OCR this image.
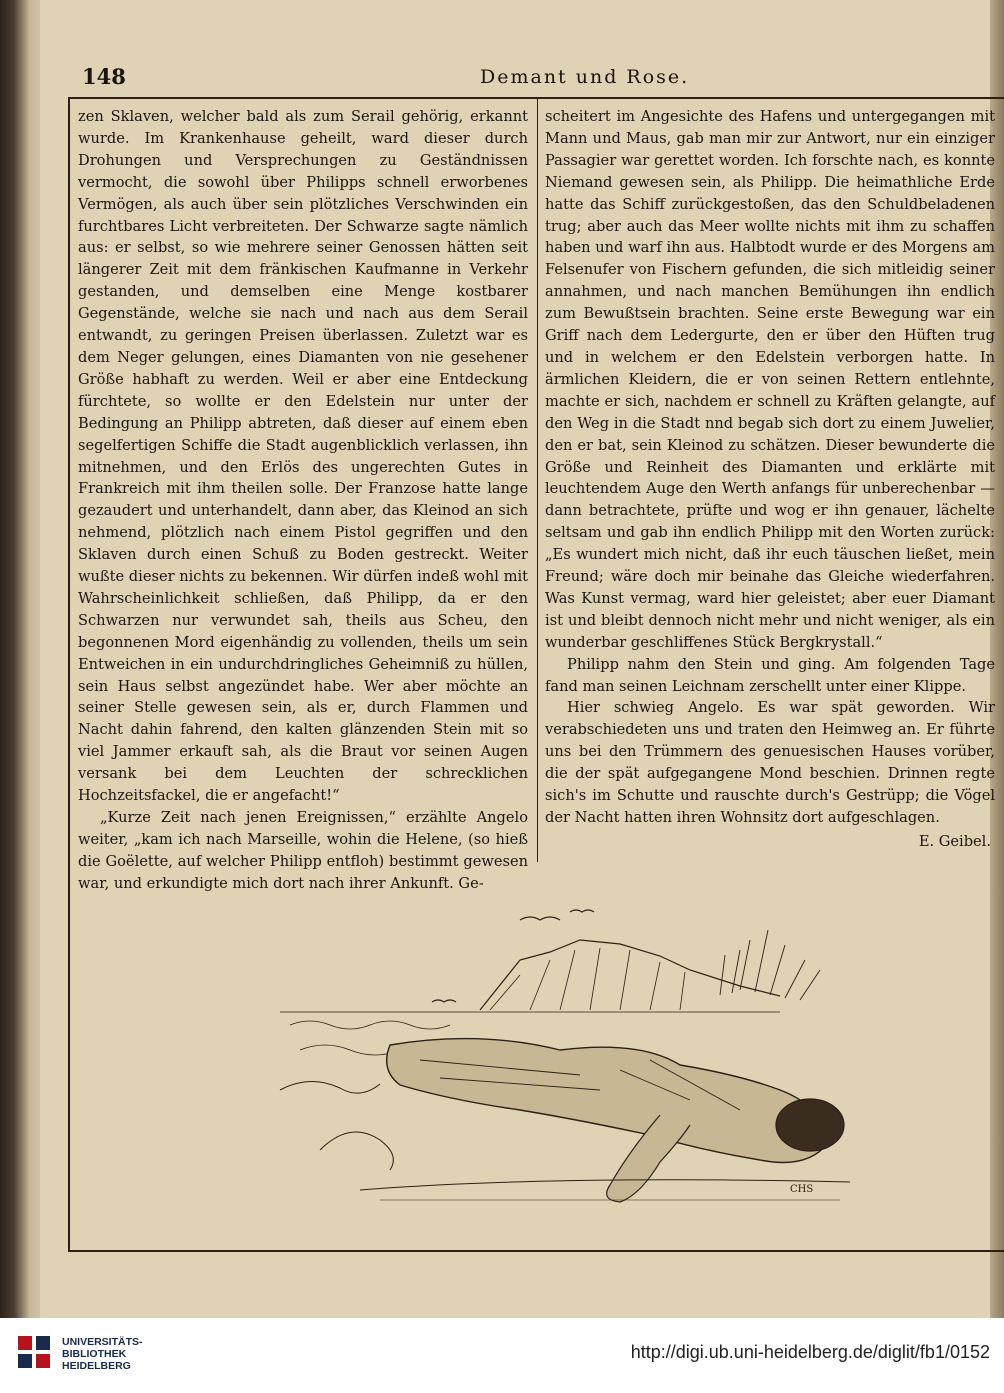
148	Demant und Rose.

zen Sklaven, welcher bald als zum Serail gehörig, erkannt wurde. Im Krankenhause geheilt, ward dieser durch Drohungen und Versprechungen zu Geständnissen vermocht, die sowohl über Philipps schnell erworbenes Vermögen, als auch über sein plötzliches Verschwinden ein furchtbares Licht verbreiteten. Der Schwarze sagte nämlich aus: er selbst, so wie mehrere seiner Genossen hätten seit längerer Zeit mit dem fränkischen Kaufmanne in Verkehr gestanden, und demselben eine Menge kostbarer Gegenstände, welche sie nach und nach aus dem Serail entwandt, zu geringen Preisen überlassen. Zuletzt war es dem Neger gelungen, eines Diamanten von nie gesehener Größe habhaft zu werden. Weil er aber eine Entdeckung fürchtete, so wollte er den Edelstein nur unter der Bedingung an Philipp abtreten, daß dieser auf einem eben segelfertigen Schiffe die Stadt augenblicklich verlassen, ihn mitnehmen, und den Erlös des ungerechten Gutes in Frankreich mit ihm theilen solle. Der Franzose hatte lange gezaudert und unterhandelt, dann aber, das Kleinod an sich nehmend, plötzlich nach einem Pistol gegriffen und den Sklaven durch einen Schuß zu Boden gestreckt. Weiter wußte dieser nichts zu bekennen. Wir dürfen indeß wohl mit Wahrscheinlichkeit schließen, daß Philipp, da er den Schwarzen nur verwundet sah, theils aus Scheu, den begonnenen Mord eigenhändig zu vollenden, theils um sein Entweichen in ein undurchdringliches Geheimniß zu hüllen, sein Haus selbst angezündet habe. Wer aber möchte an seiner Stelle gewesen sein, als er, durch Flammen und Nacht dahin fahrend, den kalten glänzenden Stein mit so viel Jammer erkauft sah, als die Braut vor seinen Augen versank bei dem Leuchten der schrecklichen Hochzeitsfackel, die er angefacht!“

„Kurze Zeit nach jenen Ereignissen,“ erzählte Angelo weiter, „kam ich nach Marseille, wohin die Helene, (so hieß die Goëlette, auf welcher Philipp entfloh) bestimmt gewesen war, und erkundigte mich dort nach ihrer Ankunft. Ge-

scheitert im Angesichte des Hafens und untergegangen mit Mann und Maus, gab man mir zur Antwort, nur ein einziger Passagier war gerettet worden. Ich forschte nach, es konnte Niemand gewesen sein, als Philipp. Die heimathliche Erde hatte das Schiff zurückgestoßen, das den Schuldbeladenen trug; aber auch das Meer wollte nichts mit ihm zu schaffen haben und warf ihn aus. Halbtodt wurde er des Morgens am Felsenufer von Fischern gefunden, die sich mitleidig seiner annahmen, und nach manchen Bemühungen ihn endlich zum Bewußtsein brachten. Seine erste Bewegung war ein Griff nach dem Ledergurte, den er über den Hüften trug und in welchem er den Edelstein verborgen hatte. In ärmlichen Kleidern, die er von seinen Rettern entlehnte, machte er sich, nachdem er schnell zu Kräften gelangte, auf den Weg in die Stadt nnd begab sich dort zu einem Juwelier, den er bat, sein Kleinod zu schätzen. Dieser bewunderte die Größe und Reinheit des Diamanten und erklärte mit leuchtendem Auge den Werth anfangs für unberechenbar — dann betrachtete, prüfte und wog er ihn genauer, lächelte seltsam und gab ihn endlich Philipp mit den Worten zurück: „Es wundert mich nicht, daß ihr euch täuschen ließet, mein Freund; wäre doch mir beinahe das Gleiche wiederfahren. Was Kunst vermag, ward hier geleistet; aber euer Diamant ist und bleibt dennoch nicht mehr und nicht weniger, als ein wunderbar geschliffenes Stück Bergkrystall.“

Philipp nahm den Stein und ging. Am folgenden Tage fand man seinen Leichnam zerschellt unter einer Klippe.

Hier schwieg Angelo. Es war spät geworden. Wir verabschiedeten uns und traten den Heimweg an. Er führte uns bei den Trümmern des genuesischen Hauses vorüber, die der spät aufgegangene Mond beschien. Drinnen regte sich's im Schutte und rauschte durch's Gestrüpp; die Vögel der Nacht hatten ihren Wohnsitz dort aufgeschlagen.

E. Geibel.

CHS
UNIVERSITÄTS-
BIBLIOTHEK
HEIDELBERG
http://digi.ub.uni-heidelberg.de/diglit/fb1/0152
